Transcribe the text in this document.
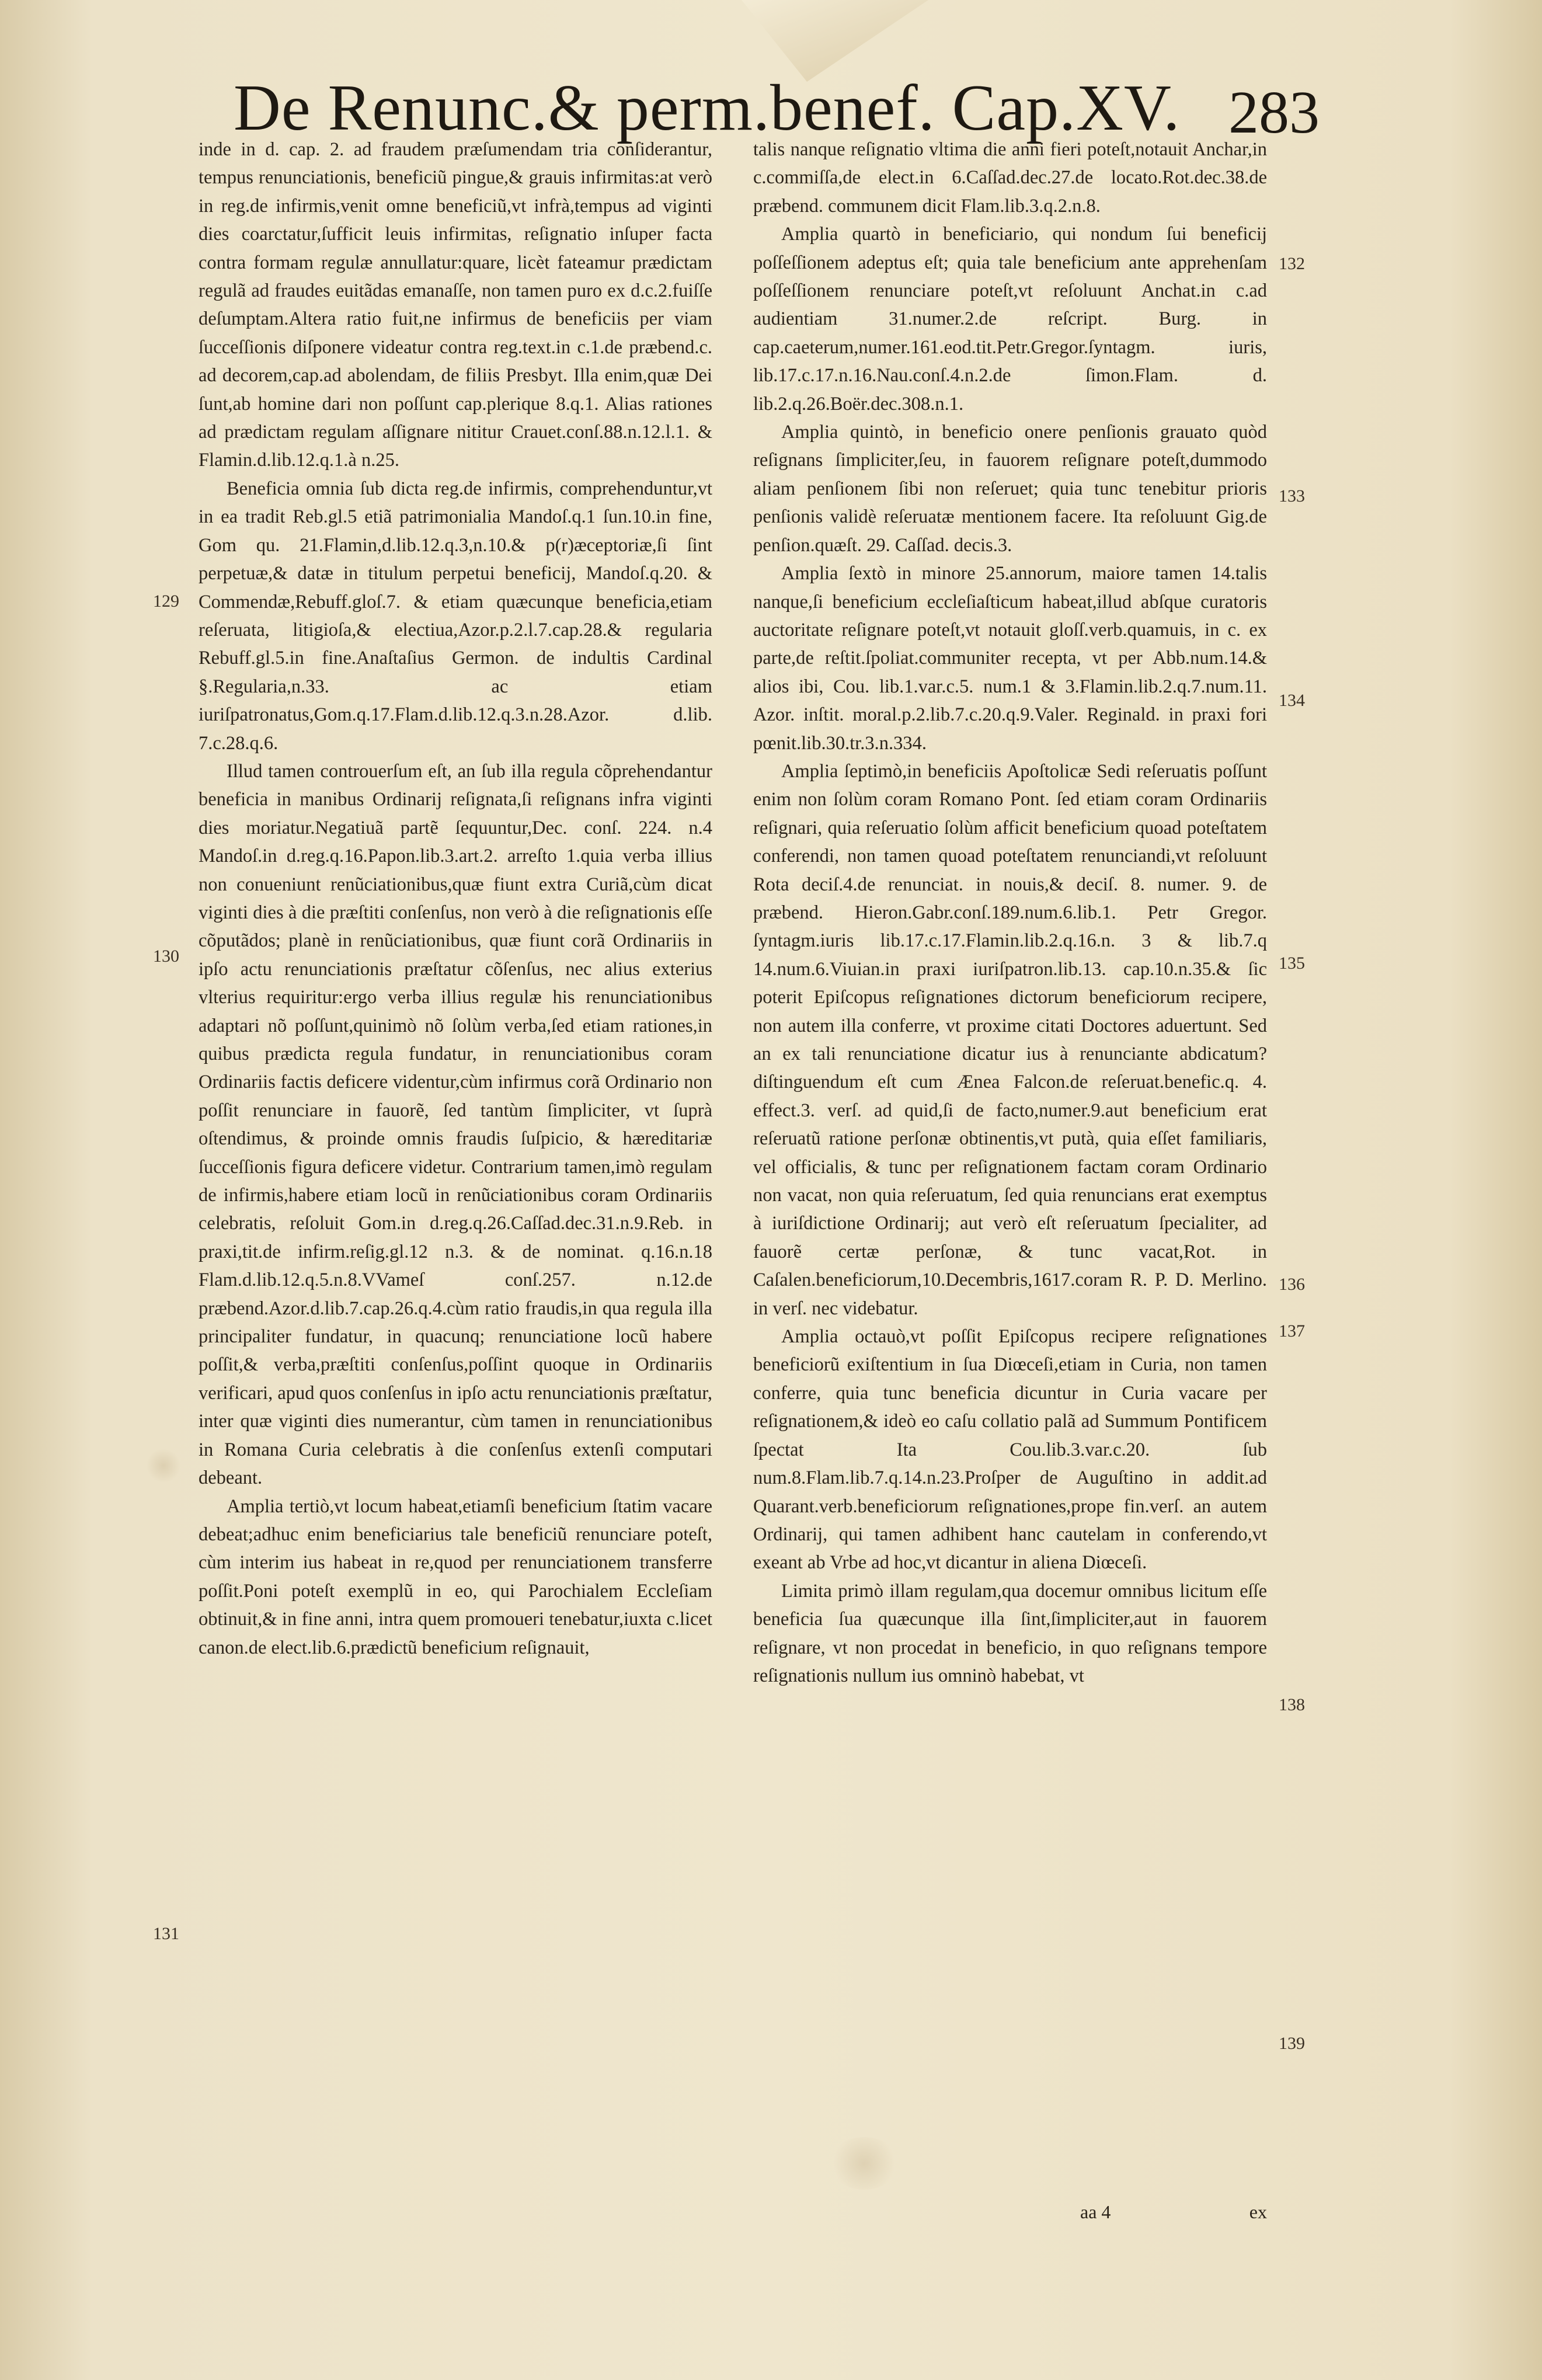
De Renunc.& perm.benef. Cap.XV. 283
129
130
131
132
133
134
135
136
137
138
139

inde in d. cap. 2. ad fraudem præſumendam tria conſiderantur, tempus renunciationis, beneficiũ pingue,& grauis infirmitas:at verò in reg.de infirmis,venit omne beneficiũ,vt infrà,tempus ad viginti dies coarctatur,ſufficit leuis infirmitas, reſignatio inſuper facta contra formam regulæ annullatur:quare, licèt fateamur prædictam regulã ad fraudes euitãdas emanaſſe, non tamen puro ex d.c.2.fuiſſe deſumptam.Altera ratio fuit,ne infirmus de beneficiis per viam ſucceſſionis diſponere videatur contra reg.text.in c.1.de præbend.c. ad decorem,cap.ad abolendam, de filiis Presbyt. Illa enim,quæ Dei ſunt,ab homine dari non poſſunt cap.plerique 8.q.1. Alias rationes ad prædictam regulam aſſignare nititur Crauet.conſ.88.n.12.l.1. & Flamin.d.lib.12.q.1.à n.25.

Beneficia omnia ſub dicta reg.de infirmis, comprehenduntur,vt in ea tradit Reb.gl.5 etiã patrimonialia Mandoſ.q.1 ſun.10.in fine, Gom qu. 21.Flamin,d.lib.12.q.3,n.10.& p(r)æceptoriæ,ſi ſint perpetuæ,& datæ in titulum perpetui beneficij, Mandoſ.q.20. & Commendæ,Rebuff.gloſ.7. & etiam quæcunque beneficia,etiam reſeruata, litigioſa,& electiua,Azor.p.2.l.7.cap.28.& regularia Rebuff.gl.5.in fine.Anaſtaſius Germon. de indultis Cardinal §.Regularia,n.33. ac etiam iuriſpatronatus,Gom.q.17.Flam.d.lib.12.q.3.n.28.Azor. d.lib. 7.c.28.q.6.

Illud tamen controuerſum eſt, an ſub illa regula cõprehendantur beneficia in manibus Ordinarij reſignata,ſi reſignans infra viginti dies moriatur.Negatiuã partẽ ſequuntur,Dec. conſ. 224. n.4 Mandoſ.in d.reg.q.16.Papon.lib.3.art.2. arreſto 1.quia verba illius non conueniunt renũciationibus,quæ fiunt extra Curiã,cùm dicat viginti dies à die præſtiti conſenſus, non verò à die reſignationis eſſe cõputãdos; planè in renũciationibus, quæ fiunt corã Ordinariis in ipſo actu renunciationis præſtatur cõſenſus, nec alius exterius vlterius requiritur:ergo verba illius regulæ his renunciationibus adaptari nõ poſſunt,quinimò nõ ſolùm verba,ſed etiam rationes,in quibus prædicta regula fundatur, in renunciationibus coram Ordinariis factis deficere videntur,cùm infirmus corã Ordinario non poſſit renunciare in fauorẽ, ſed tantùm ſimpliciter, vt ſuprà oſtendimus, & proinde omnis fraudis ſuſpicio, & hæreditariæ ſucceſſionis figura deficere videtur. Contrarium tamen,imò regulam de infirmis,habere etiam locũ in renũciationibus coram Ordinariis celebratis, reſoluit Gom.in d.reg.q.26.Caſſad.dec.31.n.9.Reb. in praxi,tit.de infirm.reſig.gl.12 n.3. & de nominat. q.16.n.18 Flam.d.lib.12.q.5.n.8.VVameſ conſ.257. n.12.de præbend.Azor.d.lib.7.cap.26.q.4.cùm ratio fraudis,in qua regula illa principaliter fundatur, in quacunq; renunciatione locũ habere poſſit,& verba,præſtiti conſenſus,poſſint quoque in Ordinariis verificari, apud quos conſenſus in ipſo actu renunciationis præſtatur, inter quæ viginti dies numerantur, cùm tamen in renunciationibus in Romana Curia celebratis à die conſenſus extenſi computari debeant.

Amplia tertiò,vt locum habeat,etiamſi beneficium ſtatim vacare debeat;adhuc enim beneficiarius tale beneficiũ renunciare poteſt, cùm interim ius habeat in re,quod per renunciationem transferre poſſit.Poni poteſt exemplũ in eo, qui Parochialem Eccleſiam obtinuit,& in fine anni, intra quem promoueri tenebatur,iuxta c.licet canon.de elect.lib.6.prædictũ beneficium reſignauit,

talis nanque reſignatio vltima die anni fieri poteſt,notauit Anchar,in c.commiſſa,de elect.in 6.Caſſad.dec.27.de locato.Rot.dec.38.de præbend. communem dicit Flam.lib.3.q.2.n.8.

Amplia quartò in beneficiario, qui nondum ſui beneficij poſſeſſionem adeptus eſt; quia tale beneficium ante apprehenſam poſſeſſionem renunciare poteſt,vt reſoluunt Anchat.in c.ad audientiam 31.numer.2.de reſcript. Burg. in cap.caeterum,numer.161.eod.tit.Petr.Gregor.ſyntagm. iuris, lib.17.c.17.n.16.Nau.conſ.4.n.2.de ſimon.Flam. d. lib.2.q.26.Boër.dec.308.n.1.

Amplia quintò, in beneficio onere penſionis grauato quòd reſignans ſimpliciter,ſeu, in fauorem reſignare poteſt,dummodo aliam penſionem ſibi non reſeruet; quia tunc tenebitur prioris penſionis validè reſeruatæ mentionem facere. Ita reſoluunt Gig.de penſion.quæſt. 29. Caſſad. decis.3.

Amplia ſextò in minore 25.annorum, maiore tamen 14.talis nanque,ſi beneficium eccleſiaſticum habeat,illud abſque curatoris auctoritate reſignare poteſt,vt notauit gloſſ.verb.quamuis, in c. ex parte,de reſtit.ſpoliat.communiter recepta, vt per Abb.num.14.& alios ibi, Cou. lib.1.var.c.5. num.1 & 3.Flamin.lib.2.q.7.num.11. Azor. inſtit. moral.p.2.lib.7.c.20.q.9.Valer. Reginald. in praxi fori pœnit.lib.30.tr.3.n.334.

Amplia ſeptimò,in beneficiis Apoſtolicæ Sedi reſeruatis poſſunt enim non ſolùm coram Romano Pont. ſed etiam coram Ordinariis reſignari, quia reſeruatio ſolùm afficit beneficium quoad poteſtatem conferendi, non tamen quoad poteſtatem renunciandi,vt reſoluunt Rota deciſ.4.de renunciat. in nouis,& deciſ. 8. numer. 9. de præbend. Hieron.Gabr.conſ.189.num.6.lib.1. Petr Gregor. ſyntagm.iuris lib.17.c.17.Flamin.lib.2.q.16.n. 3 & lib.7.q 14.num.6.Viuian.in praxi iuriſpatron.lib.13. cap.10.n.35.& ſic poterit Epiſcopus reſignationes dictorum beneficiorum recipere, non autem illa conferre, vt proxime citati Doctores aduertunt. Sed an ex tali renunciatione dicatur ius à renunciante abdicatum?diſtinguendum eſt cum Æneа Falcon.de reſeruat.benefic.q. 4. effect.3. verſ. ad quid,ſi de facto,numer.9.aut beneficium erat reſeruatũ ratione perſonæ obtinentis,vt putà, quia eſſet familiaris, vel officialis, & tunc per reſignationem factam coram Ordinario non vacat, non quia reſeruatum, ſed quia renuncians erat exemptus à iuriſdictione Ordinarij; aut verò eſt reſeruatum ſpecialiter, ad fauorẽ certæ perſonæ, & tunc vacat,Rot. in Caſalen.beneficiorum,10.Decembris,1617.coram R. P. D. Merlino. in verſ. nec videbatur.

Amplia octauò,vt poſſit Epiſcopus recipere reſignationes beneficiorũ exiſtentium in ſua Diœceſi,etiam in Curia, non tamen conferre, quia tunc beneficia dicuntur in Curia vacare per reſignationem,& ideò eo caſu collatio palã ad Summum Pontificem ſpectat Ita Cou.lib.3.var.c.20. ſub num.8.Flam.lib.7.q.14.n.23.Proſper de Auguſtino in addit.ad Quarant.verb.beneficiorum reſignationes,prope fin.verſ. an autem Ordinarij, qui tamen adhibent hanc cautelam in conferendo,vt exeant ab Vrbe ad hoc,vt dicantur in aliena Diœceſi.

Limita primò illam regulam,qua docemur omnibus licitum eſſe beneficia ſua quæcunque illa ſint,ſimpliciter,aut in fauorem reſignare, vt non procedat in beneficio, in quo reſignans tempore reſignationis nullum ius omninò habebat, vt

aa 4	ex
